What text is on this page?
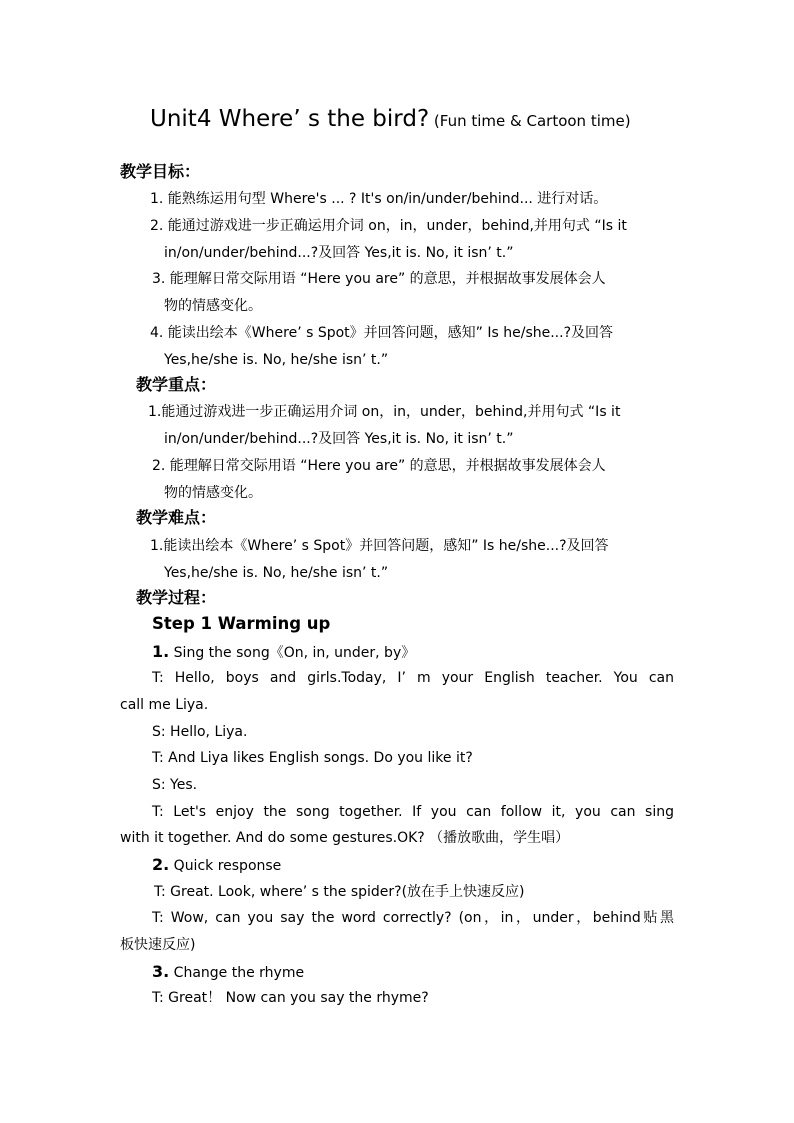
Unit4 Where’ s the bird? (Fun time & Cartoon time)
教学目标：
1. 能熟练运用句型 Where's ... ? It's on/in/under/behind... 进行对话。
2. 能通过游戏进一步正确运用介词 on，in，under，behind,并用句式 “Is it
in/on/under/behind...?及回答 Yes,it is. No, it isn’ t.”
3. 能理解日常交际用语 “Here you are” 的意思，并根据故事发展体会人
物的情感变化。
4. 能读出绘本《Where’ s Spot》并回答问题，感知” Is he/she...?及回答
Yes,he/she is. No, he/she isn’ t.”
教学重点：
1.能通过游戏进一步正确运用介词 on，in，under，behind,并用句式 “Is it
in/on/under/behind...?及回答 Yes,it is. No, it isn’ t.”
2. 能理解日常交际用语 “Here you are” 的意思，并根据故事发展体会人
物的情感变化。
教学难点：
1.能读出绘本《Where’ s Spot》并回答问题，感知” Is he/she...?及回答
Yes,he/she is. No, he/she isn’ t.”
教学过程：
Step 1 Warming up
1. Sing the song《On, in, under, by》
T: Hello, boys and girls.Today, I’ m your English teacher. You can
call me Liya.
S: Hello, Liya.
T: And Liya likes English songs. Do you like it?
S: Yes.
T: Let's enjoy the song together. If you can follow it, you can sing
with it together. And do some gestures.OK? （播放歌曲，学生唱）
2. Quick response
T: Great. Look, where’ s the spider?(放在手上快速反应)
T: Wow, can you say the word correctly? (on，in，under，behind贴黑
板快速反应)
3. Change the rhyme
T: Great！ Now can you say the rhyme?
